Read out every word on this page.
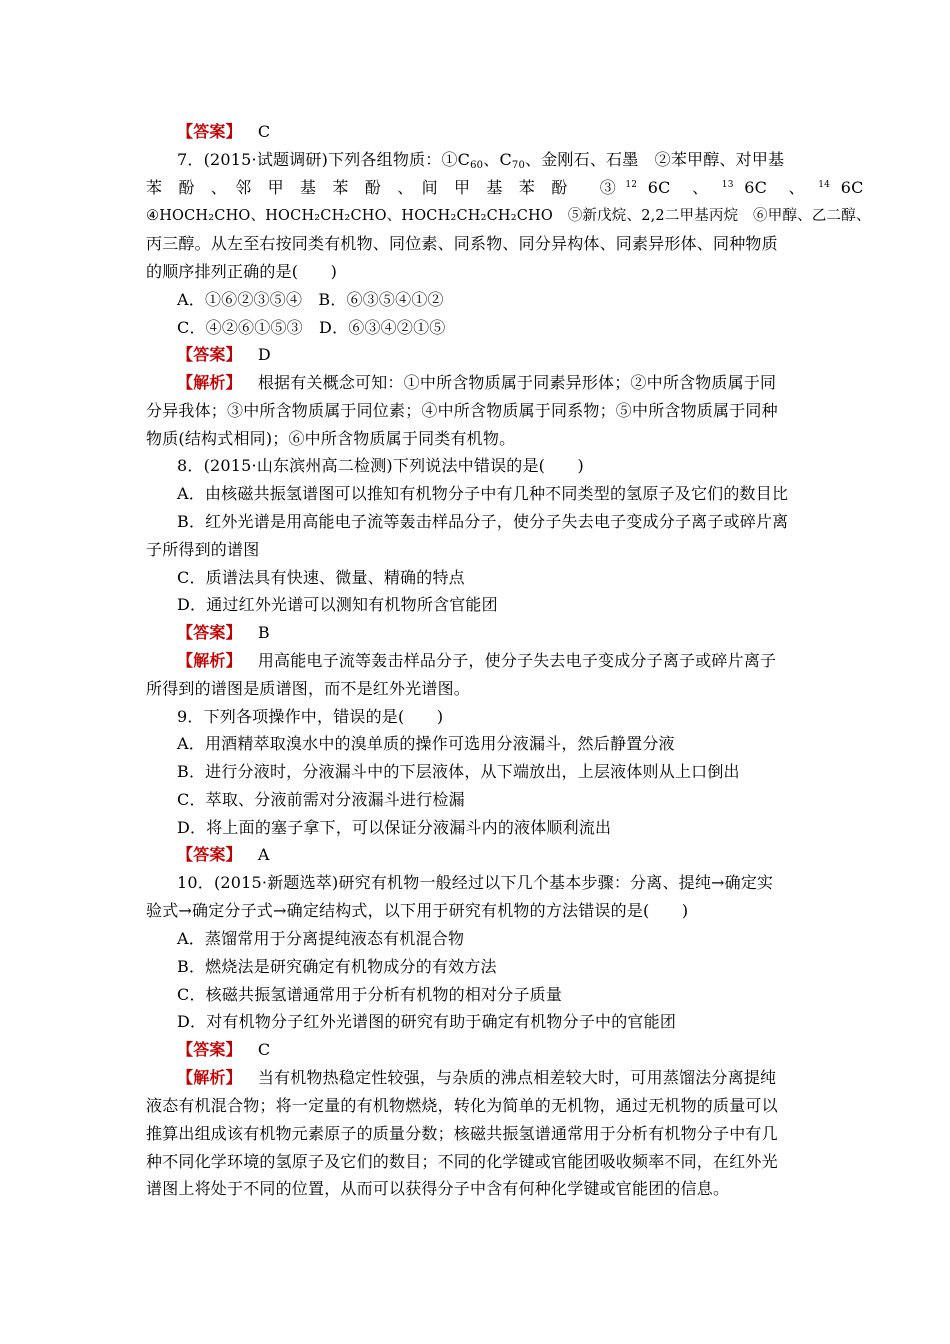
【答案】 C
7．(2015·试题调研)下列各组物质：$①C_{60}$、$C_{70}$、金刚石、石墨　②苯甲醇、对甲基
苯　酚　、　邻　甲　基　苯　酚　、　间　甲　基　苯　酚　　③ $^{12}$ 6C 　、　 $^{13}$ 6C 　、　 $^{14}$ 6C
④HOCH₂CHO、HOCH₂CH₂CHO、HOCH₂CH₂CH₂CHO　⑤新戊烷、2,2二甲基丙烷　⑥甲醇、乙二醇、
丙三醇。从左至右按同类有机物、同位素、同系物、同分异构体、同素异形体、同种物质
的顺序排列正确的是(　　)
A．①⑥②③⑤④　B．⑥③⑤④①②
C．④②⑥①⑤③　D．⑥③④②①⑤
【答案】 D
【解析】 根据有关概念可知：①中所含物质属于同素异形体；②中所含物质属于同
分异我体；③中所含物质属于同位素；④中所含物质属于同系物；⑤中所含物质属于同种
物质(结构式相同)；⑥中所含物质属于同类有机物。
8．(2015·山东滨州高二检测)下列说法中错误的是(　　)
A．由核磁共振氢谱图可以推知有机物分子中有几种不同类型的氢原子及它们的数目比
B．红外光谱是用高能电子流等轰击样品分子，使分子失去电子变成分子离子或碎片离
子所得到的谱图
C．质谱法具有快速、微量、精确的特点
D．通过红外光谱可以测知有机物所含官能团
【答案】 B
【解析】 用高能电子流等轰击样品分子，使分子失去电子变成分子离子或碎片离子
所得到的谱图是质谱图，而不是红外光谱图。
9．下列各项操作中，错误的是(　　)
A．用酒精萃取溴水中的溴单质的操作可选用分液漏斗，然后静置分液
B．进行分液时，分液漏斗中的下层液体，从下端放出，上层液体则从上口倒出
C．萃取、分液前需对分液漏斗进行检漏
D．将上面的塞子拿下，可以保证分液漏斗内的液体顺利流出
【答案】 A
10．(2015·新题选萃)研究有机物一般经过以下几个基本步骤：分离、提纯→确定实
验式→确定分子式→确定结构式，以下用于研究有机物的方法错误的是(　　)
A．蒸馏常用于分离提纯液态有机混合物
B．燃烧法是研究确定有机物成分的有效方法
C．核磁共振氢谱通常用于分析有机物的相对分子质量
D．对有机物分子红外光谱图的研究有助于确定有机物分子中的官能团
【答案】 C
【解析】 当有机物热稳定性较强，与杂质的沸点相差较大时，可用蒸馏法分离提纯
液态有机混合物；将一定量的有机物燃烧，转化为简单的无机物，通过无机物的质量可以
推算出组成该有机物元素原子的质量分数；核磁共振氢谱通常用于分析有机物分子中有几
种不同化学环境的氢原子及它们的数目；不同的化学键或官能团吸收频率不同，在红外光
谱图上将处于不同的位置，从而可以获得分子中含有何种化学键或官能团的信息。
